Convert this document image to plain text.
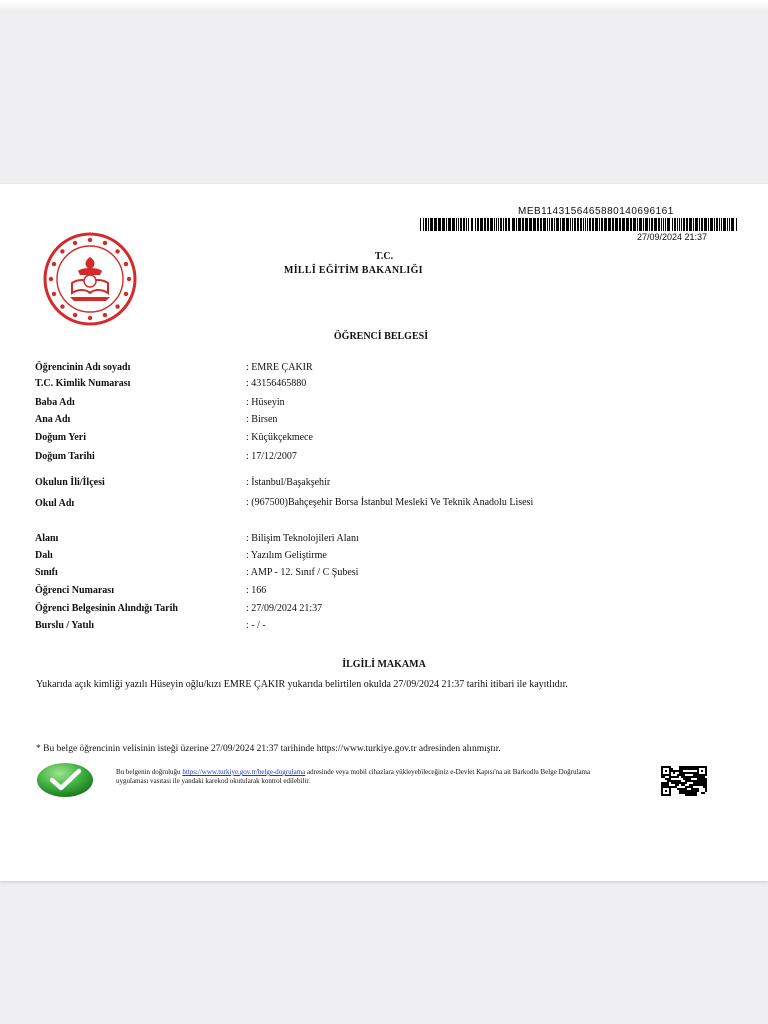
MEB1143156465880140696161
27/09/2024 21:37
T.C.
MİLLÎ EĞİTİM BAKANLIĞI
ÖĞRENCİ BELGESİ
Öğrencinin Adı soyadı	: EMRE ÇAKIR
T.C. Kimlik Numarası	: 43156465880
Baba Adı	: Hüseyin
Ana Adı	: Birsen
Doğum Yeri	: Küçükçekmece
Doğum Tarihi	: 17/12/2007
Okulun İli/İlçesi	: İstanbul/Başakşehir
Okul Adı	: (967500)Bahçeşehir Borsa İstanbul Mesleki Ve Teknik Anadolu Lisesi
Alanı	: Bilişim Teknolojileri Alanı
Dalı	: Yazılım Geliştirme
Sınıfı	: AMP - 12. Sınıf / C Şubesi
Öğrenci Numarası	: 166
Öğrenci Belgesinin Alındığı Tarih	: 27/09/2024 21:37
Burslu / Yatılı	: - / -
İLGİLİ MAKAMA
Yukarıda açık kimliği yazılı Hüseyin oğlu/kızı EMRE ÇAKIR yukarıda belirtilen okulda 27/09/2024 21:37 tarihi itibari ile kayıtlıdır.
* Bu belge öğrencinin velisinin isteği üzerine 27/09/2024 21:37 tarihinde https://www.turkiye.gov.tr adresinden alınmıştır.
Bu belgenin doğruluğu https://www.turkiye.gov.tr/belge-dogrulama adresinde veya mobil cihazlara yükleyebileceğiniz e-Devlet Kapısı'na ait Barkodlu Belge Doğrulama uygulaması vasıtası ile yandaki karekod okutularak kontrol edilebilir.
